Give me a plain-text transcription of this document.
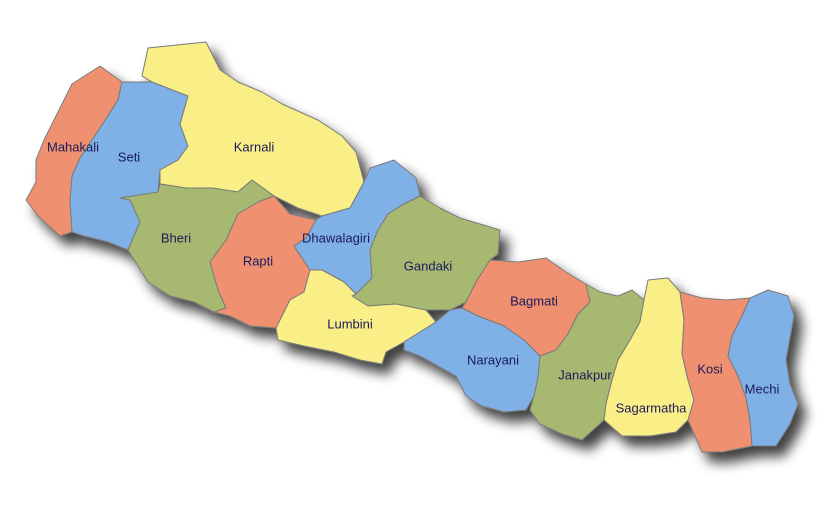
Mahakali
Seti
Karnali
Bheri
Rapti
Dhawalagiri
Gandaki
Lumbini
Bagmati
Narayani
Janakpur
Sagarmatha
Kosi
Mechi
